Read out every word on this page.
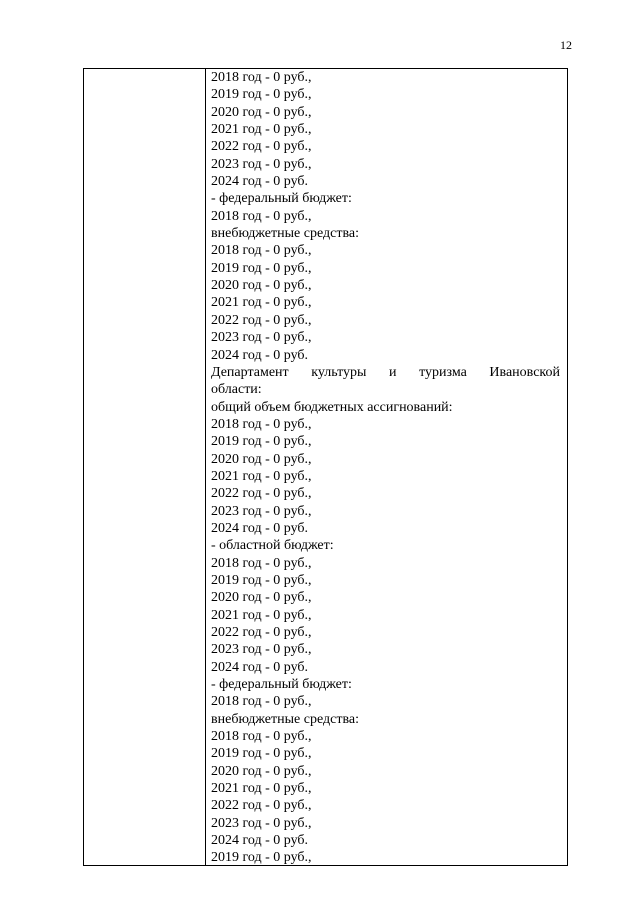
12
2018 год - 0 руб.,
2019 год - 0 руб.,
2020 год - 0 руб.,
2021 год - 0 руб.,
2022 год - 0 руб.,
2023 год - 0 руб.,
2024 год - 0 руб.
- федеральный бюджет:
2018 год - 0 руб.,
внебюджетные средства:
2018 год - 0 руб.,
2019 год - 0 руб.,
2020 год - 0 руб.,
2021 год - 0 руб.,
2022 год - 0 руб.,
2023 год - 0 руб.,
2024 год - 0 руб.
Департамент культуры и туризма Ивановской
области:
общий объем бюджетных ассигнований:
2018 год - 0 руб.,
2019 год - 0 руб.,
2020 год - 0 руб.,
2021 год - 0 руб.,
2022 год - 0 руб.,
2023 год - 0 руб.,
2024 год - 0 руб.
- областной бюджет:
2018 год - 0 руб.,
2019 год - 0 руб.,
2020 год - 0 руб.,
2021 год - 0 руб.,
2022 год - 0 руб.,
2023 год - 0 руб.,
2024 год - 0 руб.
- федеральный бюджет:
2018 год - 0 руб.,
внебюджетные средства:
2018 год - 0 руб.,
2019 год - 0 руб.,
2020 год - 0 руб.,
2021 год - 0 руб.,
2022 год - 0 руб.,
2023 год - 0 руб.,
2024 год - 0 руб.
2019 год - 0 руб.,
